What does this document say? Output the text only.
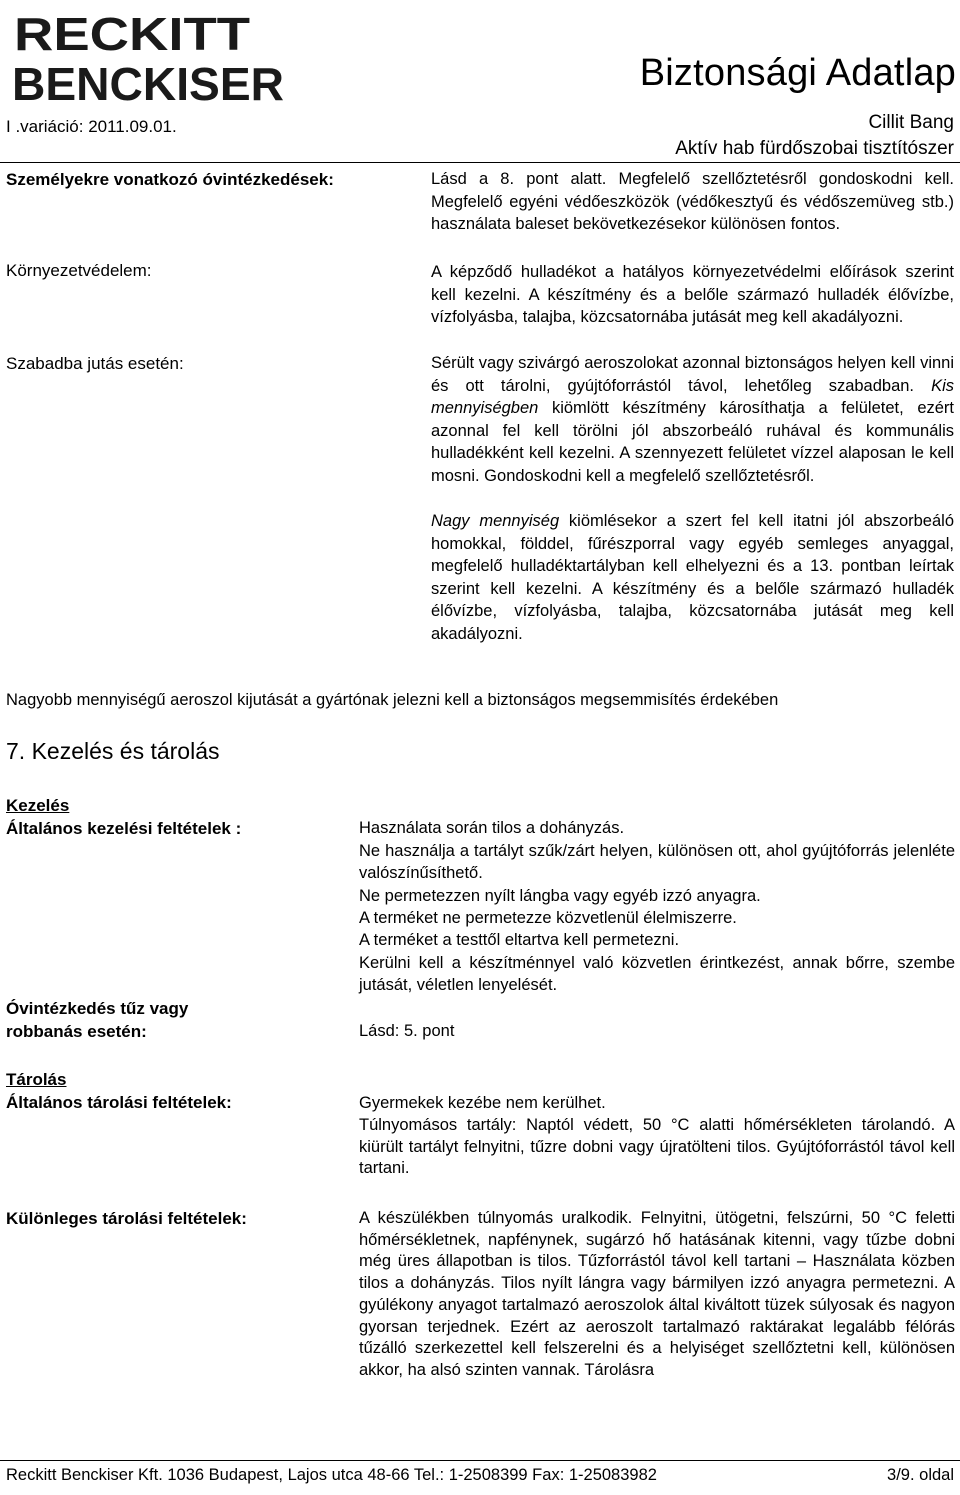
RECKITT
BENCKISER	Biztonsági Adatlap
I .variáció: 2011.09.01.	Cillit Bang
Aktív hab fürdőszobai tisztítószer
Személyekre vonatkozó óvintézkedések:	Lásd a 8. pont alatt. Megfelelő szellőztetésről gondoskodni kell. Megfelelő egyéni védőeszközök (védőkesztyű és védőszemüveg stb.) használata baleset bekövetkezésekor különösen fontos.
Környezetvédelem:	A képződő hulladékot a hatályos környezetvédelmi előírások szerint kell kezelni. A készítmény és a belőle származó hulladék élővízbe, vízfolyásba, talajba, közcsatornába jutását meg kell akadályozni.
Szabadba jutás esetén:	Sérült vagy szivárgó aeroszolokat azonnal biztonságos helyen kell vinni és ott tárolni, gyújtóforrástól távol, lehetőleg szabadban. Kis mennyiségben kiömlött készítmény károsíthatja a felületet, ezért azonnal fel kell törölni jól abszorbeáló ruhával és kommunális hulladékként kell kezelni. A szennyezett felületet vízzel alaposan le kell mosni. Gondoskodni kell a megfelelő szellőztetésről.
Nagy mennyiség kiömlésekor a szert fel kell itatni jól abszorbeáló homokkal, földdel, fűrészporral vagy egyéb semleges anyaggal, megfelelő hulladéktartályban kell elhelyezni és a 13. pontban leírtak szerint kell kezelni. A készítmény és a belőle származó hulladék élővízbe, vízfolyásba, talajba, közcsatornába jutását meg kell akadályozni.
Nagyobb mennyiségű aeroszol kijutását a gyártónak jelezni kell a biztonságos megsemmisítés érdekében
7. Kezelés és tárolás
Kezelés
Általános kezelési feltételek :	Használata során tilos a dohányzás.
Ne használja a tartályt szűk/zárt helyen, különösen ott, ahol gyújtóforrás jelenléte valószínűsíthető.
Ne permetezzen nyílt lángba vagy egyéb izzó anyagra.
A terméket ne permetezze közvetlenül élelmiszerre.
A terméket a testtől eltartva kell permetezni.
Kerülni kell a készítménnyel való közvetlen érintkezést, annak bőrre, szembe jutását, véletlen lenyelését.
Óvintézkedés tűz vagy
robbanás esetén:	Lásd: 5. pont
Tárolás
Általános tárolási feltételek:	Gyermekek kezébe nem kerülhet.
Túlnyomásos tartály: Naptól védett, 50 °C alatti hőmérsékleten tárolandó. A kiürült tartályt felnyitni, tűzre dobni vagy újratölteni tilos. Gyújtóforrástól távol kell tartani.
Különleges tárolási feltételek:	A készülékben túlnyomás uralkodik. Felnyitni, ütögetni, felszúrni, 50 °C feletti hőmérsékletnek, napfénynek, sugárzó hő hatásának kitenni, vagy tűzbe dobni még üres állapotban is tilos. Tűzforrástól távol kell tartani – Használata közben tilos a dohányzás. Tilos nyílt lángra vagy bármilyen izzó anyagra permetezni. A gyúlékony anyagot tartalmazó aeroszolok által kiváltott tüzek súlyosak és nagyon gyorsan terjednek. Ezért az aeroszolt tartalmazó raktárakat legalább félórás tűzálló szerkezettel kell felszerelni és a helyiséget szellőztetni kell, különösen akkor, ha alsó szinten vannak. Tárolásra
Reckitt Benckiser Kft. 1036 Budapest, Lajos utca 48-66 Tel.: 1-2508399 Fax: 1-25083982	3/9. oldal
